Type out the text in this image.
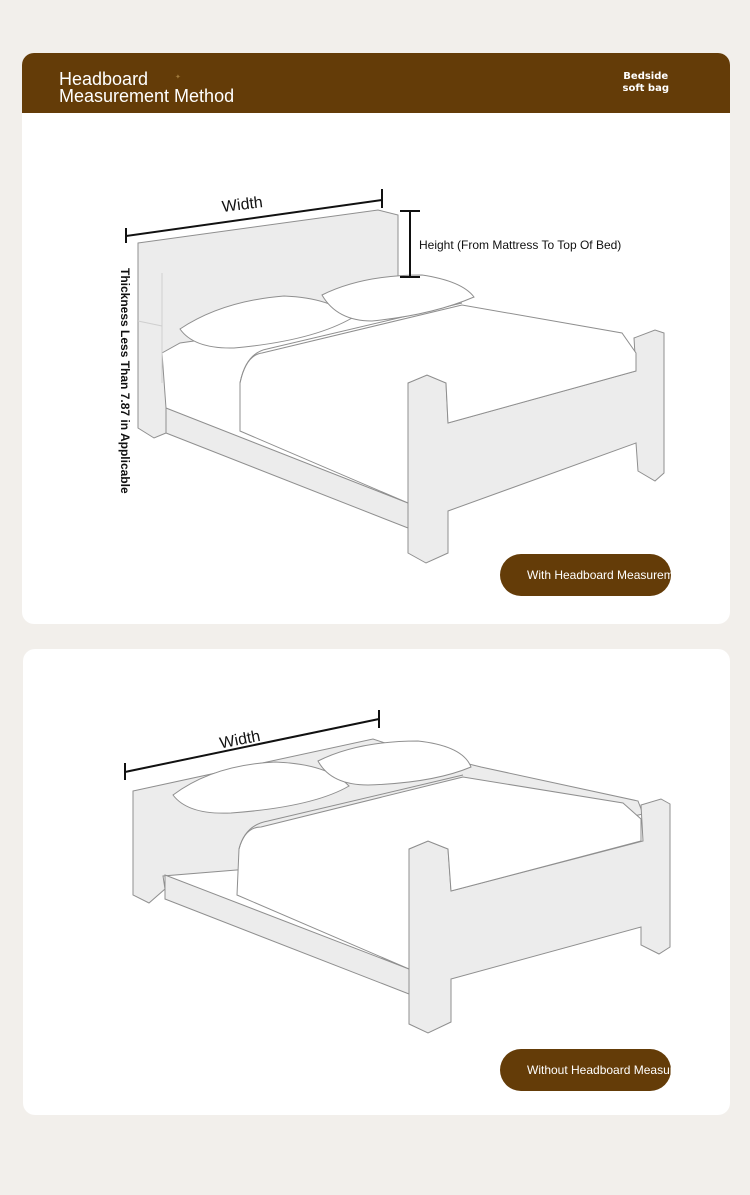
Headboard
Measurement Method
✦	Bedside
soft bag
Width
Height (From Mattress To Top Of Bed)
Thickness Less Than 7.87 in Applicable
With Headboard Measurement
Width
Without Headboard Measurement
